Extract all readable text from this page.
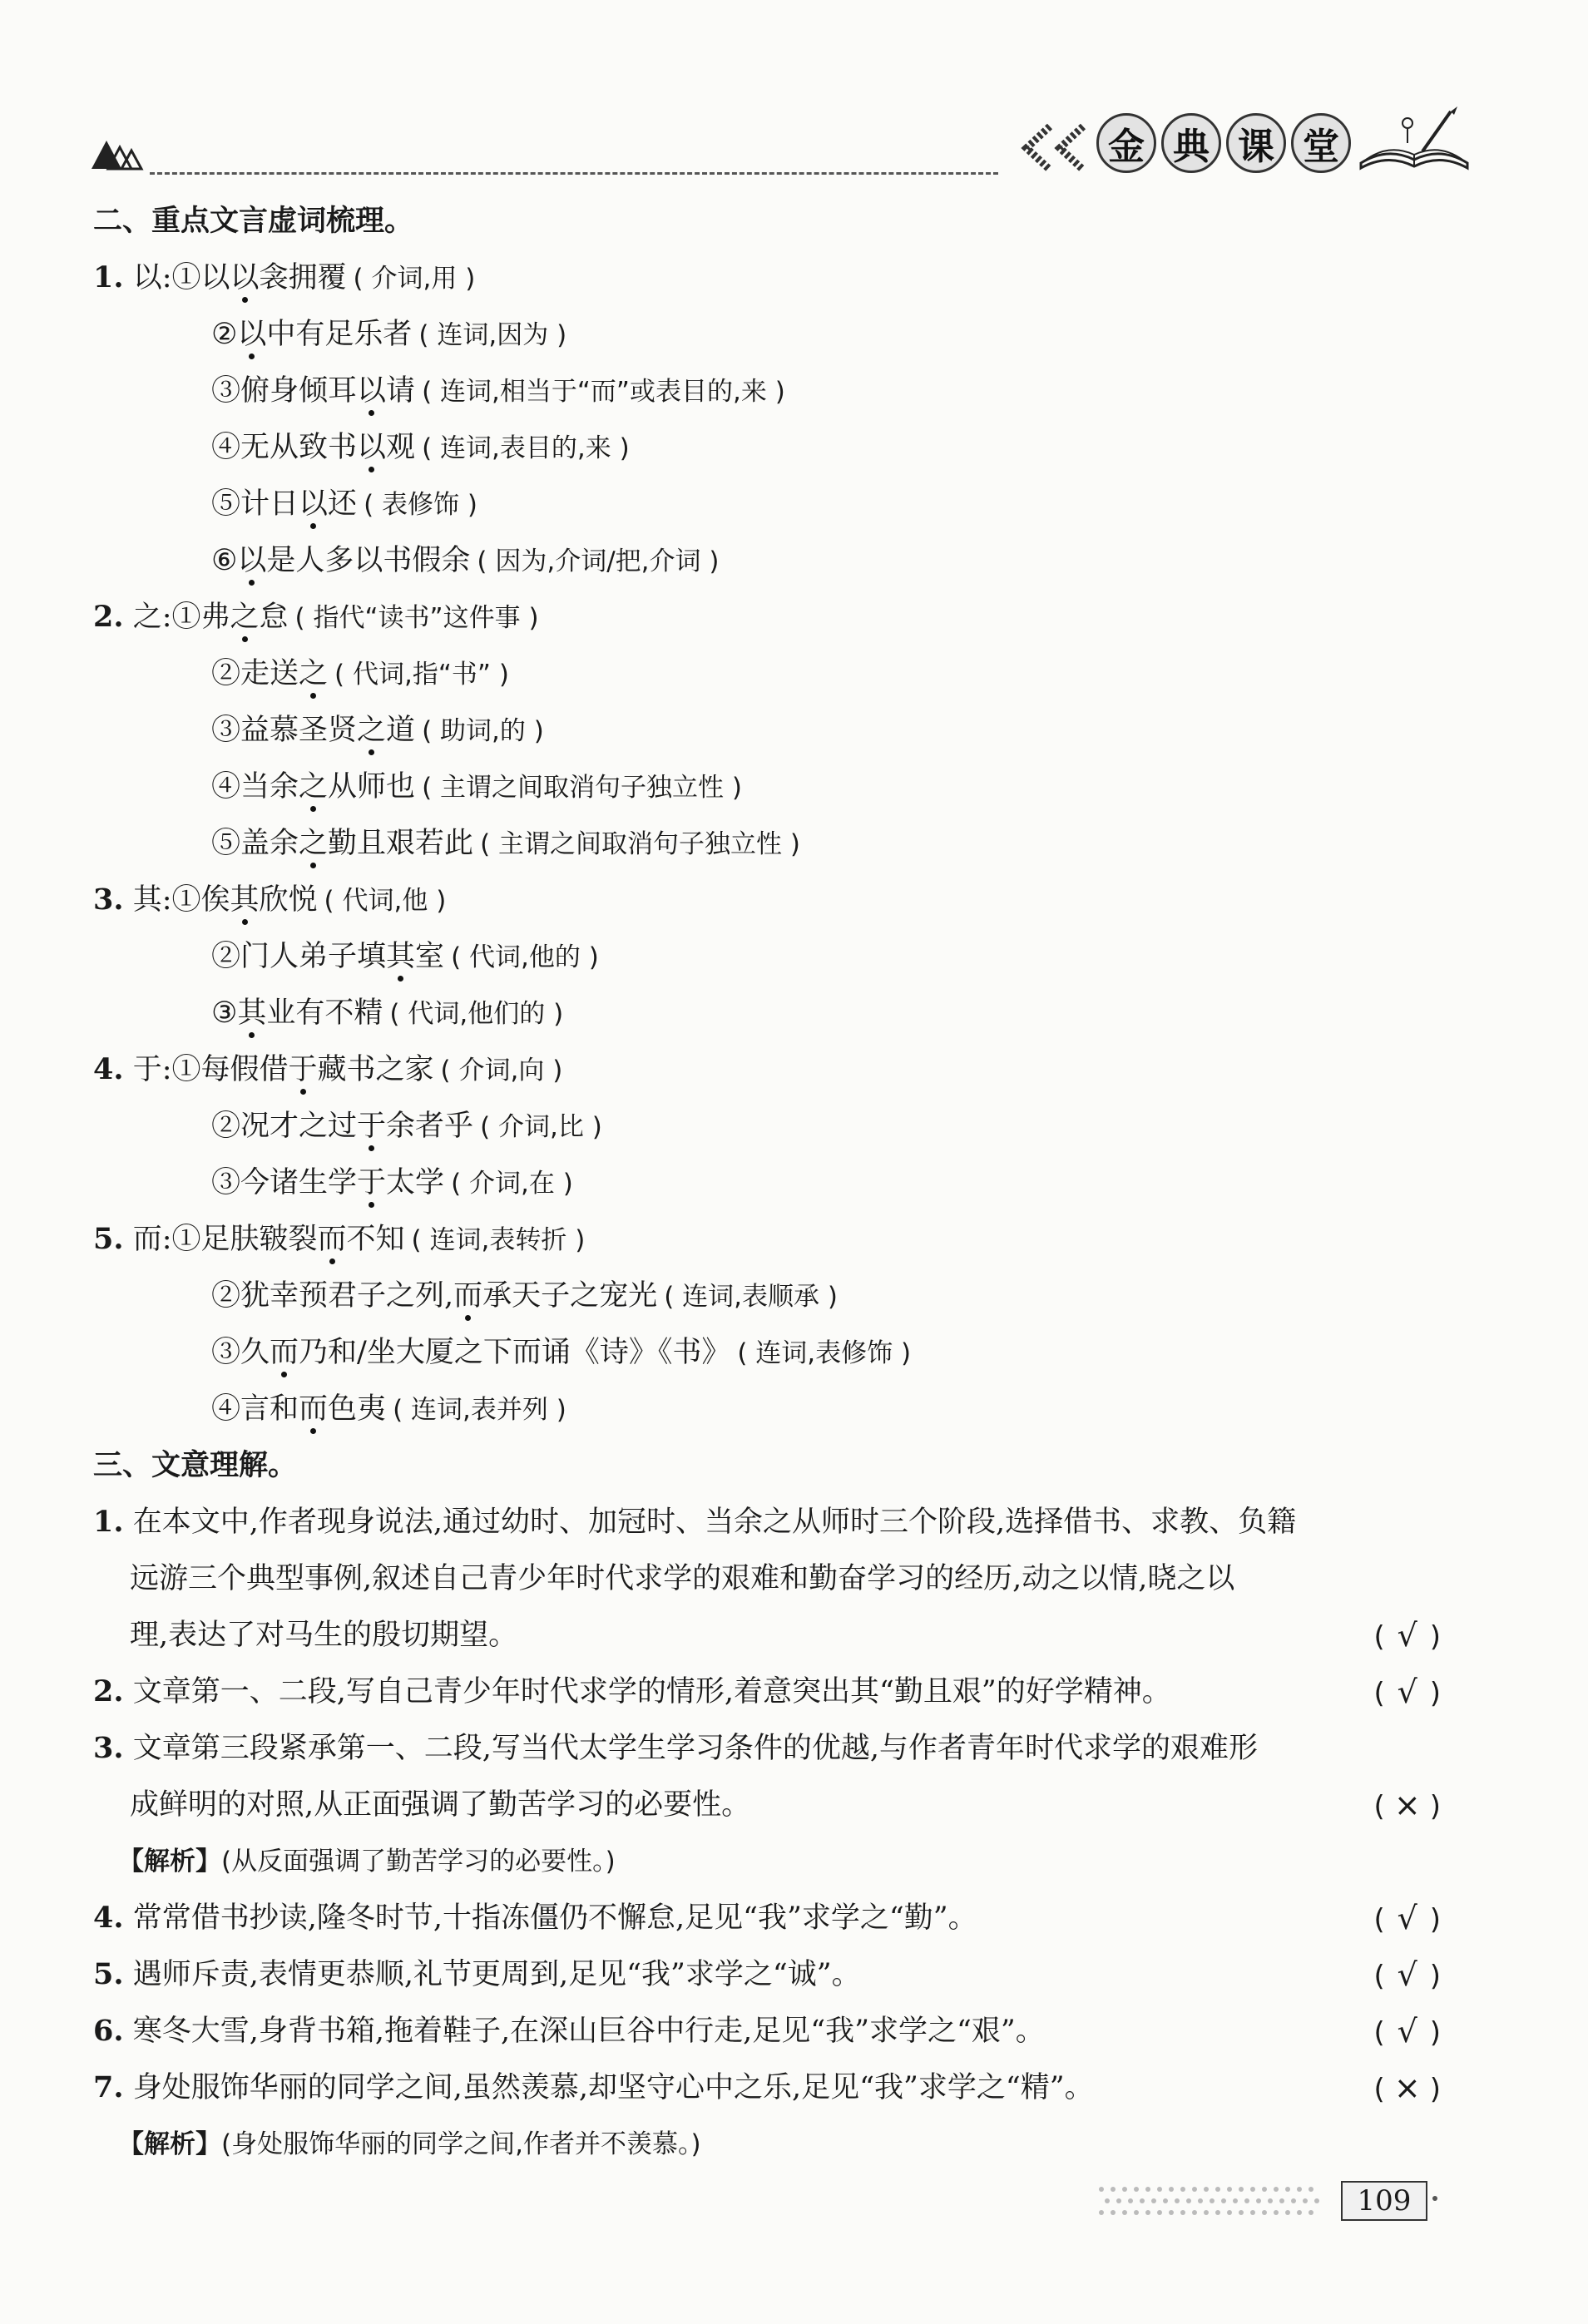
金 典 课 堂
二、重点文言虚词梳理。
1. 以:①以以衾拥覆 ( 介词,用 )
②以中有足乐者 ( 连词,因为 )
③俯身倾耳以请 ( 连词,相当于“而”或表目的,来 )
④无从致书以观 ( 连词,表目的,来 )
⑤计日以还 ( 表修饰 )
⑥以是人多以书假余 ( 因为,介词/把,介词 )
2. 之:①弗之怠 ( 指代“读书”这件事 )
②走送之 ( 代词,指“书” )
③益慕圣贤之道 ( 助词,的 )
④当余之从师也 ( 主谓之间取消句子独立性 )
⑤盖余之勤且艰若此 ( 主谓之间取消句子独立性 )
3. 其:①俟其欣悦 ( 代词,他 )
②门人弟子填其室 ( 代词,他的 )
③其业有不精 ( 代词,他们的 )
4. 于:①每假借于藏书之家 ( 介词,向 )
②况才之过于余者乎 ( 介词,比 )
③今诸生学于太学 ( 介词,在 )
5. 而:①足肤皲裂而不知 ( 连词,表转折 )
②犹幸预君子之列,而承天子之宠光 ( 连词,表顺承 )
③久而乃和/坐大厦之下而诵《诗》《书》 ( 连词,表修饰 )
④言和而色夷 ( 连词,表并列 )
三、文意理解。
1. 在本文中,作者现身说法,通过幼时、加冠时、当余之从师时三个阶段,选择借书、求教、负籍
远游三个典型事例,叙述自己青少年时代求学的艰难和勤奋学习的经历,动之以情,晓之以
理,表达了对马生的殷切期望。	( √ )
2. 文章第一、二段,写自己青少年时代求学的情形,着意突出其“勤且艰”的好学精神。	( √ )
3. 文章第三段紧承第一、二段,写当代太学生学习条件的优越,与作者青年时代求学的艰难形
成鲜明的对照,从正面强调了勤苦学习的必要性。	( × )
【解析】(从反面强调了勤苦学习的必要性。)
4. 常常借书抄读,隆冬时节,十指冻僵仍不懈怠,足见“我”求学之“勤”。	( √ )
5. 遇师斥责,表情更恭顺,礼节更周到,足见“我”求学之“诚”。	( √ )
6. 寒冬大雪,身背书箱,拖着鞋子,在深山巨谷中行走,足见“我”求学之“艰”。	( √ )
7. 身处服饰华丽的同学之间,虽然羡慕,却坚守心中之乐,足见“我”求学之“精”。	( × )
【解析】(身处服饰华丽的同学之间,作者并不羡慕。)
109
